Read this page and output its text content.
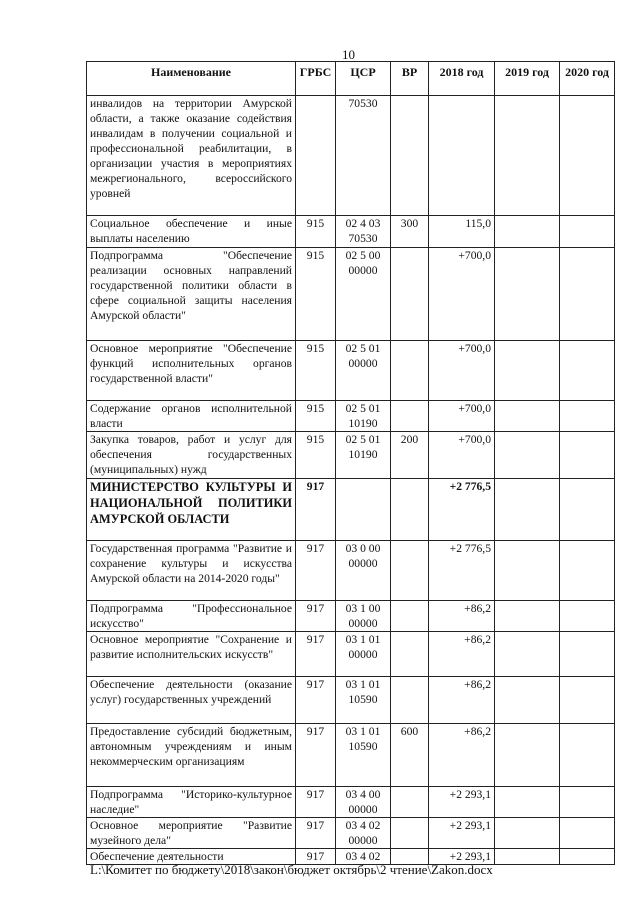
10
Наименование	ГРБС	ЦСР	ВР	2018 год	2019 год	2020 год
инвалидов на территории Амурской области, а также оказание содействия инвалидам в получении социальной и профессиональной реабилитации, в организации участия в мероприятиях межрегионального, всероссийского уровней		70530				
Социальное обеспечение и иные выплаты населению	915	02 4 03 70530	300	115,0		
Подпрограмма "Обеспечение реализации основных направлений государственной политики области в сфере социальной защиты населения Амурской области"	915	02 5 00 00000		+700,0		
Основное мероприятие "Обеспечение функций исполнительных органов государственной власти"	915	02 5 01 00000		+700,0		
Содержание органов исполнительной власти	915	02 5 01 10190		+700,0		
Закупка товаров, работ и услуг для обеспечения государственных (муниципальных) нужд	915	02 5 01 10190	200	+700,0		
МИНИСТЕРСТВО КУЛЬТУРЫ И НАЦИОНАЛЬНОЙ ПОЛИТИКИ АМУРСКОЙ ОБЛАСТИ	917			+2 776,5		
Государственная программа "Развитие и сохранение культуры и искусства Амурской области на 2014-2020 годы"	917	03 0 00 00000		+2 776,5		
Подпрограмма "Профессиональное искусство"	917	03 1 00 00000		+86,2		
Основное мероприятие "Сохранение и развитие исполнительских искусств"	917	03 1 01 00000		+86,2		
Обеспечение деятельности (оказание услуг) государственных учреждений	917	03 1 01 10590		+86,2		
Предоставление субсидий бюджетным, автономным учреждениям и иным некоммерческим организациям	917	03 1 01 10590	600	+86,2		
Подпрограмма "Историко-культурное наследие"	917	03 4 00 00000		+2 293,1		
Основное мероприятие "Развитие музейного дела"	917	03 4 02 00000		+2 293,1		
Обеспечение деятельности	917	03 4 02		+2 293,1		
L:\Комитет по бюджету\2018\закон\бюджет октябрь\2 чтение\Zakon.docx
